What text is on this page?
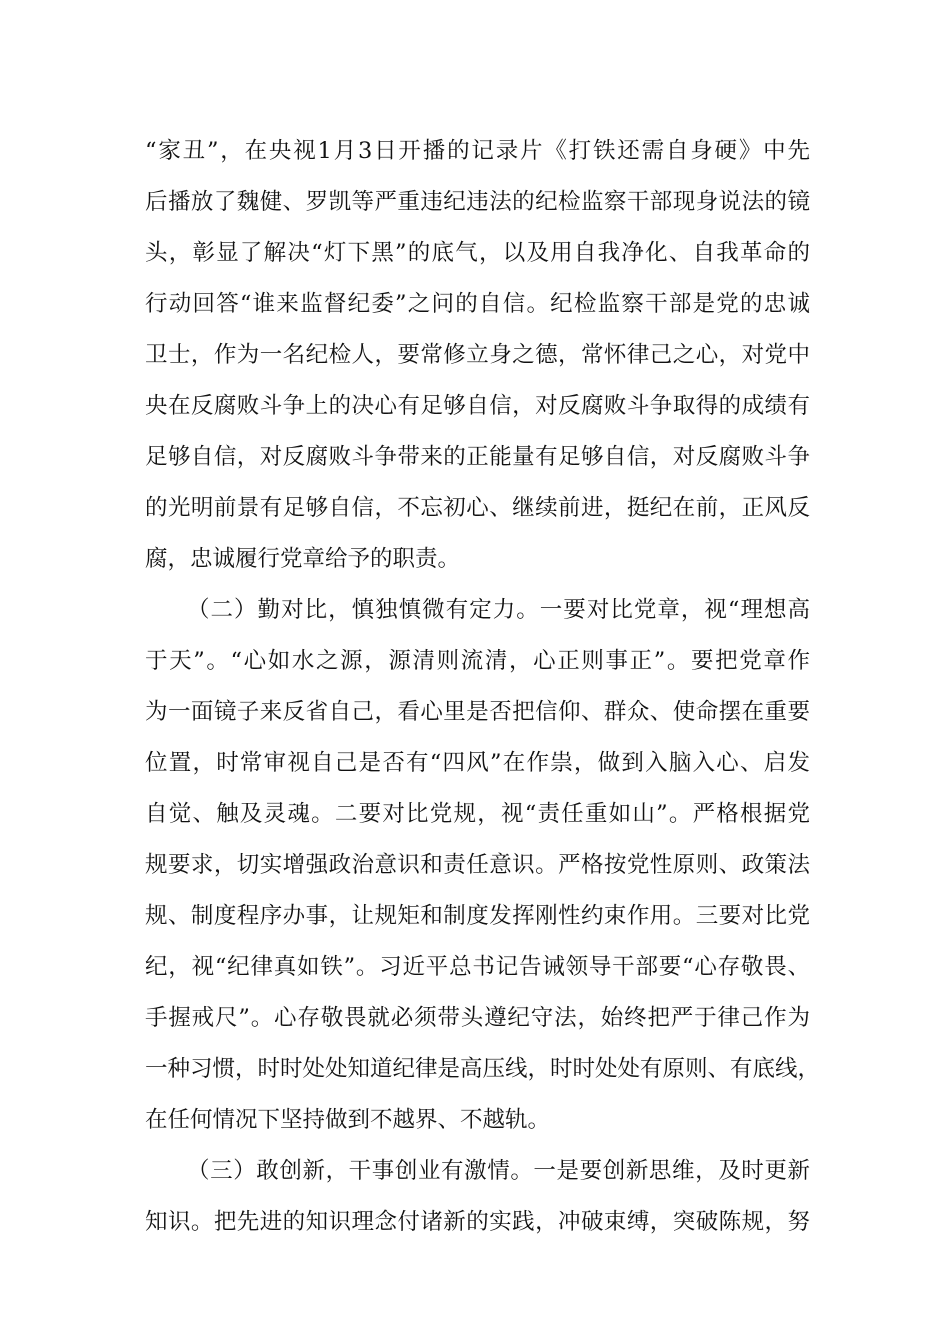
“家丑”，在央视1月3日开播的记录片《打铁还需自身硬》中先
后播放了魏健、罗凯等严重违纪违法的纪检监察干部现身说法的镜
头，彰显了解决“灯下黑”的底气，以及用自我净化、自我革命的
行动回答“谁来监督纪委”之问的自信。纪检监察干部是党的忠诚
卫士，作为一名纪检人，要常修立身之德，常怀律己之心，对党中
央在反腐败斗争上的决心有足够自信，对反腐败斗争取得的成绩有
足够自信，对反腐败斗争带来的正能量有足够自信，对反腐败斗争
的光明前景有足够自信，不忘初心、继续前进，挺纪在前，正风反
腐，忠诚履行党章给予的职责。
（二）勤对比，慎独慎微有定力。一要对比党章，视“理想高
于天”。“心如水之源，源清则流清，心正则事正”。要把党章作
为一面镜子来反省自己，看心里是否把信仰、群众、使命摆在重要
位置，时常审视自己是否有“四风”在作祟，做到入脑入心、启发
自觉、触及灵魂。二要对比党规，视“责任重如山”。严格根据党
规要求，切实增强政治意识和责任意识。严格按党性原则、政策法
规、制度程序办事，让规矩和制度发挥刚性约束作用。三要对比党
纪，视“纪律真如铁”。习近平总书记告诫领导干部要“心存敬畏、
手握戒尺”。心存敬畏就必须带头遵纪守法，始终把严于律己作为
一种习惯，时时处处知道纪律是高压线，时时处处有原则、有底线，
在任何情况下坚持做到不越界、不越轨。
（三）敢创新，干事创业有激情。一是要创新思维，及时更新
知识。把先进的知识理念付诸新的实践，冲破束缚，突破陈规，努
